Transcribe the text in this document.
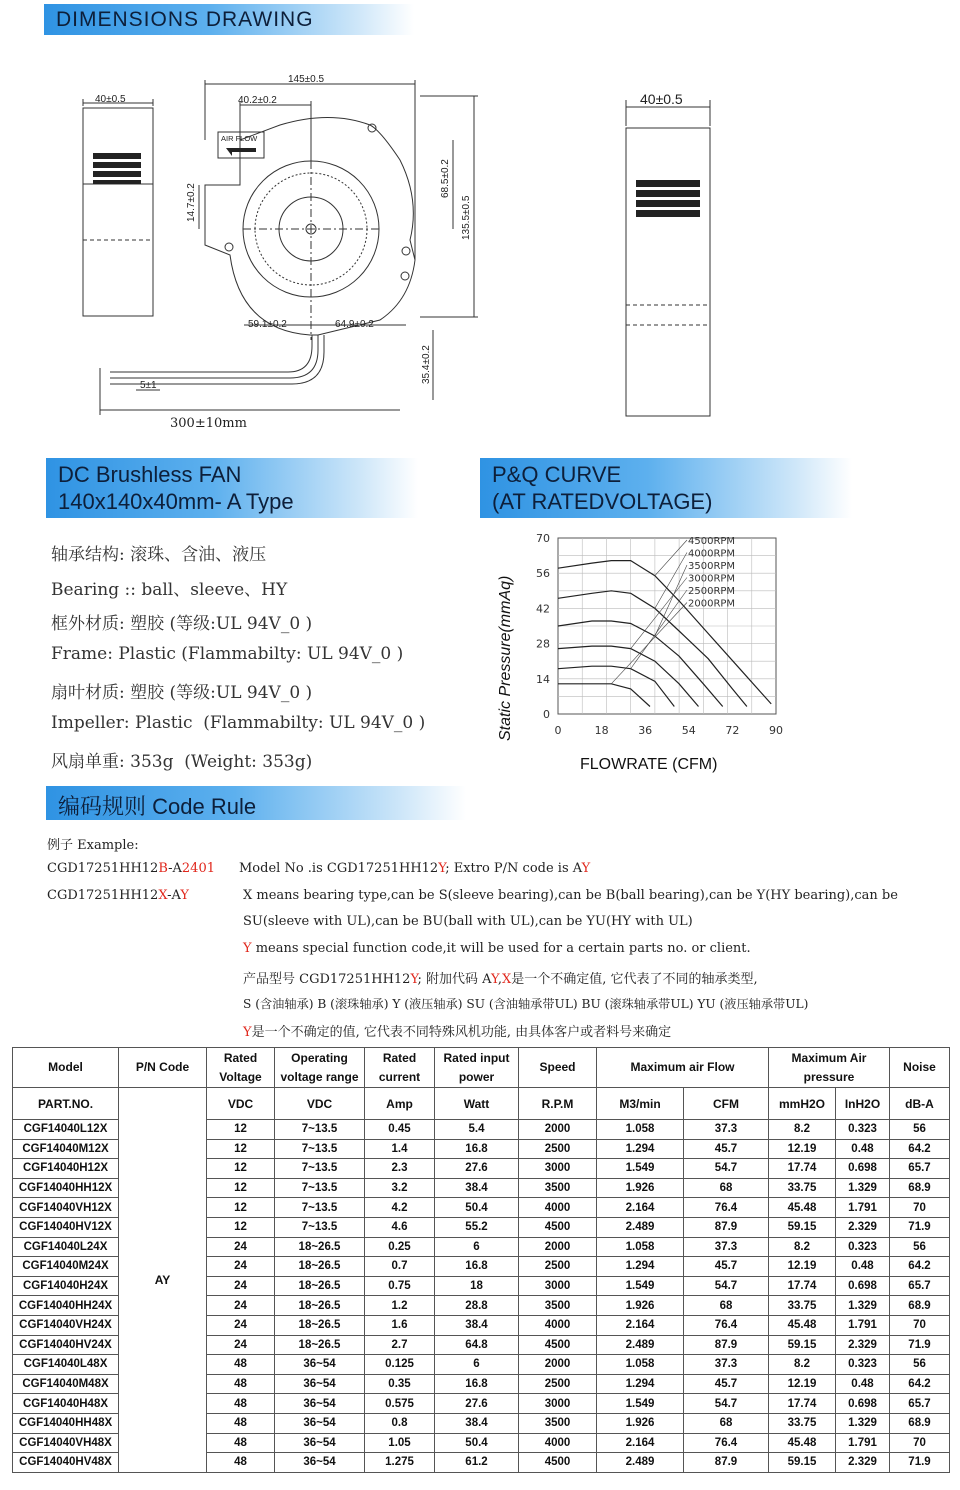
DIMENSIONS DRAWING
40±0.5
145±0.5
40.2±0.2
AIR FLOW
14.7±0.2
68.5±0.2
135.5±0.5
59.1±0.2	64.9±0.2
35.4±0.2
5±1
300±10mm
40±0.5
DC Brushless FAN
140x140x40mm- A Type
P&Q CURVE
(AT RATEDVOLTAGE)
轴承结构: 滚珠、含油、液压
Bearing :: ball、sleeve、HY
框外材质: 塑胶 (等级:UL 94V_0 )
Frame: Plastic (Flammabilty: UL 94V_0 )
扇叶材质: 塑胶 (等级:UL 94V_0 )
Impeller: Plastic  (Flammabilty: UL 94V_0 )
风扇单重: 353g  (Weight: 353g)
0	18	36	54	72	90
0
14
28
42
56
70	4500RPM
4000RPM
3500RPM
3000RPM
2500RPM
2000RPM
FLOWRATE (CFM)
Static Pressure(mmAq)
编码规则 Code Rule
例子 Example:
CGD17251HH12B-A2401
CGD17251HH12X-AY
Model No .is CGD17251HH12Y; Extro P/N code is AY
X means bearing type,can be S(sleeve bearing),can be B(ball bearing),can be Y(HY bearing),can be
SU(sleeve with UL),can be BU(ball with UL),can be YU(HY with UL)
Y means special function code,it will be used for a certain parts no. or client.
产品型号 CGD17251HH12Y; 附加代码 AY,X是一个不确定值, 它代表了不同的轴承类型,
S (含油轴承) B (滚珠轴承) Y (液压轴承) SU (含油轴承带UL) BU (滚珠轴承带UL) YU (液压轴承带UL)
Y是一个不确定的值, 它代表不同特殊风机功能, 由具体客户或者料号来确定
Model	P/N Code	Rated Voltage	Operating voltage range	Rated current	Rated input power	Speed	Maximum air Flow		Maximum Air pressure		Noise
PART.NO.	AY	VDC	VDC	Amp	Watt	R.P.M	M3/min	CFM	mmH2O	InH2O	dB-A
CGF14040L12X		12	7~13.5	0.45	5.4	2000	1.058	37.3	8.2	0.323	56
CGF14040M12X		12	7~13.5	1.4	16.8	2500	1.294	45.7	12.19	0.48	64.2
CGF14040H12X		12	7~13.5	2.3	27.6	3000	1.549	54.7	17.74	0.698	65.7
CGF14040HH12X		12	7~13.5	3.2	38.4	3500	1.926	68	33.75	1.329	68.9
CGF14040VH12X		12	7~13.5	4.2	50.4	4000	2.164	76.4	45.48	1.791	70
CGF14040HV12X		12	7~13.5	4.6	55.2	4500	2.489	87.9	59.15	2.329	71.9
CGF14040L24X		24	18~26.5	0.25	6	2000	1.058	37.3	8.2	0.323	56
CGF14040M24X		24	18~26.5	0.7	16.8	2500	1.294	45.7	12.19	0.48	64.2
CGF14040H24X		24	18~26.5	0.75	18	3000	1.549	54.7	17.74	0.698	65.7
CGF14040HH24X		24	18~26.5	1.2	28.8	3500	1.926	68	33.75	1.329	68.9
CGF14040VH24X		24	18~26.5	1.6	38.4	4000	2.164	76.4	45.48	1.791	70
CGF14040HV24X		24	18~26.5	2.7	64.8	4500	2.489	87.9	59.15	2.329	71.9
CGF14040L48X		48	36~54	0.125	6	2000	1.058	37.3	8.2	0.323	56
CGF14040M48X		48	36~54	0.35	16.8	2500	1.294	45.7	12.19	0.48	64.2
CGF14040H48X		48	36~54	0.575	27.6	3000	1.549	54.7	17.74	0.698	65.7
CGF14040HH48X		48	36~54	0.8	38.4	3500	1.926	68	33.75	1.329	68.9
CGF14040VH48X		48	36~54	1.05	50.4	4000	2.164	76.4	45.48	1.791	70
CGF14040HV48X		48	36~54	1.275	61.2	4500	2.489	87.9	59.15	2.329	71.9
